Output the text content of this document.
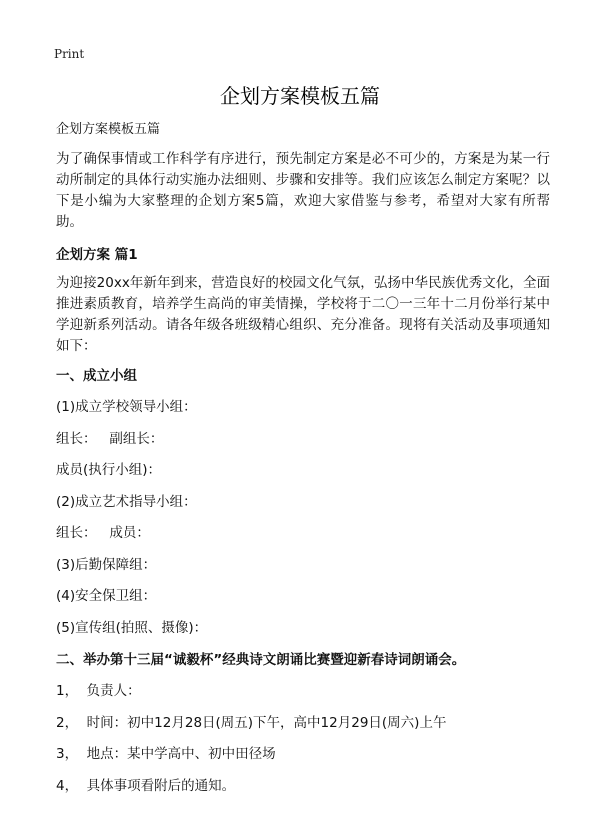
Print
企划方案模板五篇

企划方案模板五篇

为了确保事情或工作科学有序进行，预先制定方案是必不可少的，方案是为某一行动所制定的具体行动实施办法细则、步骤和安排等。我们应该怎么制定方案呢？以下是小编为大家整理的企划方案5篇，欢迎大家借鉴与参考，希望对大家有所帮助。

企划方案 篇1

为迎接20xx年新年到来，营造良好的校园文化气氛，弘扬中华民族优秀文化，全面推进素质教育，培养学生高尚的审美情操，学校将于二〇一三年十二月份举行某中学迎新系列活动。请各年级各班级精心组织、充分准备。现将有关活动及事项通知如下：

一、成立小组

(1)成立学校领导小组：

组长：   副组长：

成员(执行小组)：

(2)成立艺术指导小组：

组长：   成员：

(3)后勤保障组：

(4)安全保卫组：

(5)宣传组(拍照、摄像)：

二、举办第十三届“诚毅杯”经典诗文朗诵比赛暨迎新春诗词朗诵会。

1，  负责人：

2，  时间：初中12月28日(周五)下午，高中12月29日(周六)上午

3，  地点：某中学高中、初中田径场

4，  具体事项看附后的通知。
